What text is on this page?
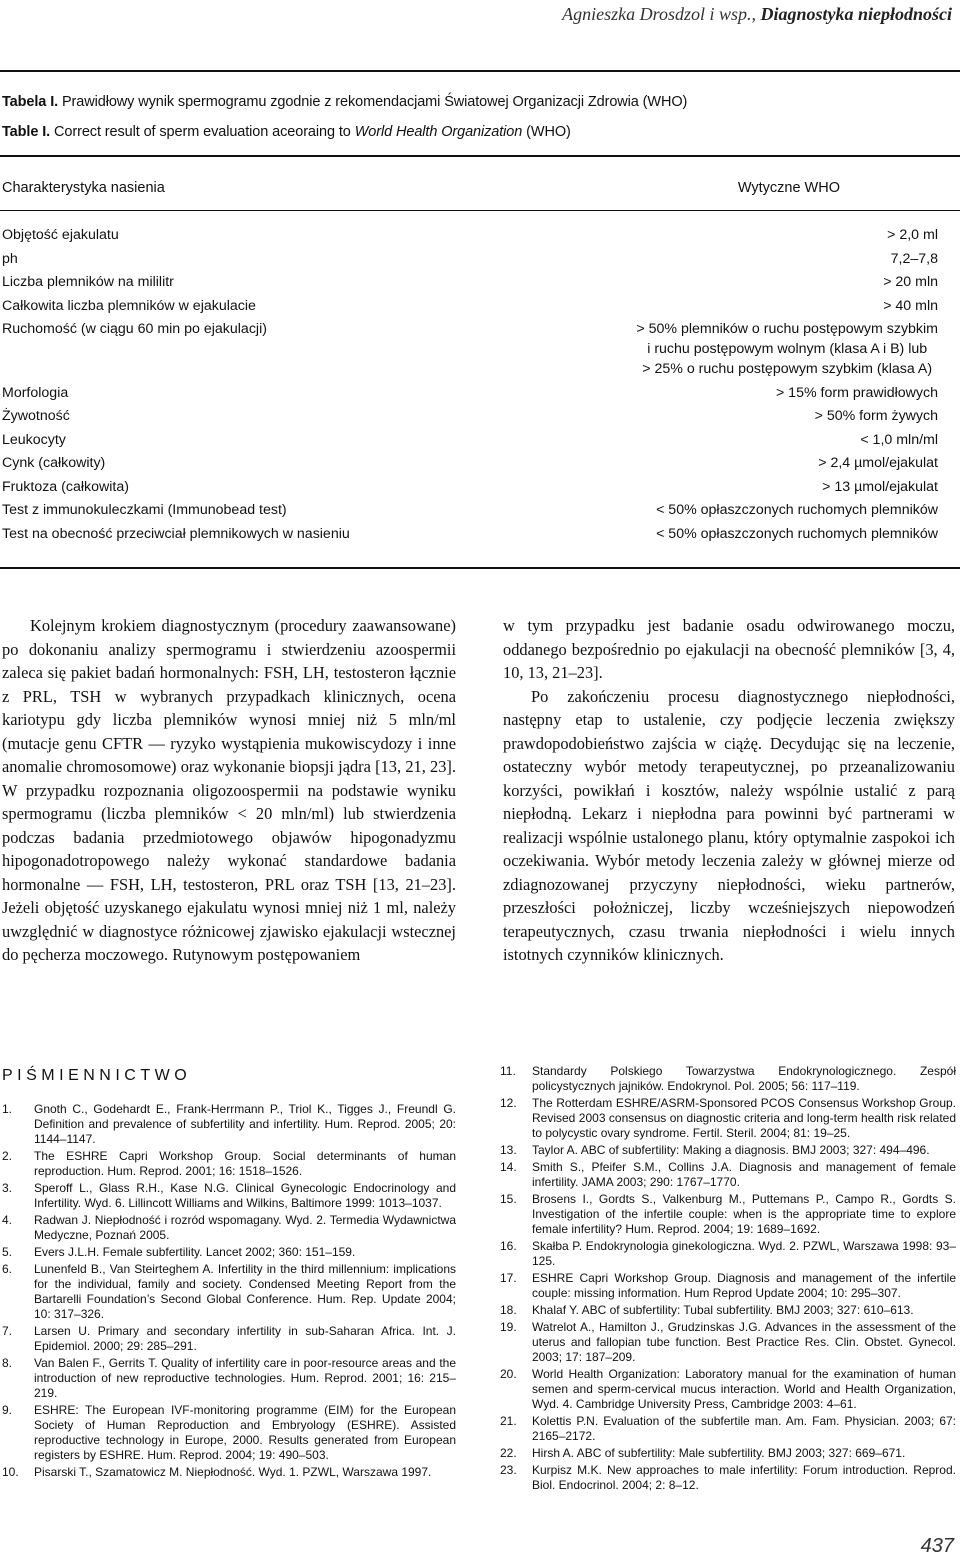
Agnieszka Drosdzol i wsp., Diagnostyka niepłodności
Tabela I. Prawidłowy wynik spermogramu zgodnie z rekomendacjami Światowej Organizacji Zdrowia (WHO)
Table I. Correct result of sperm evaluation aceoraing to World Health Organization (WHO)
Charakterystyka nasienia	Wytyczne WHO
Objętość ejakulatu	> 2,0 ml
ph	7,2–7,8
Liczba plemników na mililitr	> 20 mln
Całkowita liczba plemników w ejakulacie	> 40 mln
Ruchomość (w ciągu 60 min po ejakulacji)	> 50% plemników o ruchu postępowym szybkim
i ruchu postępowym wolnym (klasa A i B) lub
> 25% o ruchu postępowym szybkim (klasa A)
Morfologia	> 15% form prawidłowych
Żywotność	> 50% form żywych
Leukocyty	< 1,0 mln/ml
Cynk (całkowity)	> 2,4 µmol/ejakulat
Fruktoza (całkowita)	> 13 µmol/ejakulat
Test z immunokuleczkami (Immunobead test)	< 50% opłaszczonych ruchomych plemników
Test na obecność przeciwciał plemnikowych w nasieniu	< 50% opłaszczonych ruchomych plemników

Kolejnym krokiem diagnostycznym (procedury zaawansowane) po dokonaniu analizy spermogramu i stwierdzeniu azoospermii zaleca się pakiet badań hormonalnych: FSH, LH, testosteron łącznie z PRL, TSH w wybranych przypadkach klinicznych, ocena kariotypu gdy liczba plemników wynosi mniej niż 5 mln/ml (mutacje genu CFTR — ryzyko wystąpienia mukowiscydozy i inne anomalie chromosomowe) oraz wykonanie biopsji jądra [13, 21, 23]. W przypadku rozpoznania oligozoospermii na podstawie wyniku spermogramu (liczba plemników < 20 mln/ml) lub stwierdzenia podczas badania przedmiotowego objawów hipogonadyzmu hipogonadotropowego należy wykonać standardowe badania hormonalne — FSH, LH, testosteron, PRL oraz TSH [13, 21–23]. Jeżeli objętość uzyskanego ejakulatu wynosi mniej niż 1 ml, należy uwzględnić w diagnostyce różnicowej zjawisko ejakulacji wstecznej do pęcherza moczowego. Rutynowym postępowaniem

w tym przypadku jest badanie osadu odwirowanego moczu, oddanego bezpośrednio po ejakulacji na obecność plemników [3, 4, 10, 13, 21–23].

Po zakończeniu procesu diagnostycznego niepłodności, następny etap to ustalenie, czy podjęcie leczenia zwiększy prawdopodobieństwo zajścia w ciążę. Decydując się na leczenie, ostateczny wybór metody terapeutycznej, po przeanalizowaniu korzyści, powikłań i kosztów, należy wspólnie ustalić z parą niepłodną. Lekarz i niepłodna para powinni być partnerami w realizacji wspólnie ustalonego planu, który optymalnie zaspokoi ich oczekiwania. Wybór metody leczenia zależy w głównej mierze od zdiagnozowanej przyczyny niepłodności, wieku partnerów, przeszłości położniczej, liczby wcześniejszych niepowodzeń terapeutycznych, czasu trwania niepłodności i wielu innych istotnych czynników klinicznych.

PIŚMIENNICTWO
1. Gnoth C., Godehardt E., Frank-Herrmann P., Triol K., Tigges J., Freundl G. Definition and prevalence of subfertility and infertility. Hum. Reprod. 2005; 20: 1144–1147.
2. The ESHRE Capri Workshop Group. Social determinants of human reproduction. Hum. Reprod. 2001; 16: 1518–1526.
3. Speroff L., Glass R.H., Kase N.G. Clinical Gynecologic Endocrinology and Infertility. Wyd. 6. Lillincott Williams and Wilkins, Baltimore 1999: 1013–1037.
4. Radwan J. Niepłodność i rozród wspomagany. Wyd. 2. Termedia Wydawnictwa Medyczne, Poznań 2005.
5. Evers J.L.H. Female subfertility. Lancet 2002; 360: 151–159.
6. Lunenfeld B., Van Steirteghem A. Infertility in the third millennium: implications for the individual, family and society. Condensed Meeting Report from the Bartarelli Foundation’s Second Global Conference. Hum. Rep. Update 2004; 10: 317–326.
7. Larsen U. Primary and secondary infertility in sub-Saharan Africa. Int. J. Epidemiol. 2000; 29: 285–291.
8. Van Balen F., Gerrits T. Quality of infertility care in poor-resource areas and the introduction of new reproductive technologies. Hum. Reprod. 2001; 16: 215–219.
9. ESHRE: The European IVF-monitoring programme (EIM) for the European Society of Human Reproduction and Embryology (ESHRE). Assisted reproductive technology in Europe, 2000. Results generated from European registers by ESHRE. Hum. Reprod. 2004; 19: 490–503.
10. Pisarski T., Szamatowicz M. Niepłodność. Wyd. 1. PZWL, Warszawa 1997.
11. Standardy Polskiego Towarzystwa Endokrynologicznego. Zespół policystycznych jajników. Endokrynol. Pol. 2005; 56: 117–119.
12. The Rotterdam ESHRE/ASRM-Sponsored PCOS Consensus Workshop Group. Revised 2003 consensus on diagnostic criteria and long-term health risk related to polycystic ovary syndrome. Fertil. Steril. 2004; 81: 19–25.
13. Taylor A. ABC of subfertility: Making a diagnosis. BMJ 2003; 327: 494–496.
14. Smith S., Pfeifer S.M., Collins J.A. Diagnosis and management of female infertility. JAMA 2003; 290: 1767–1770.
15. Brosens I., Gordts S., Valkenburg M., Puttemans P., Campo R., Gordts S. Investigation of the infertile couple: when is the appropriate time to explore female infertility? Hum. Reprod. 2004; 19: 1689–1692.
16. Skałba P. Endokrynologia ginekologiczna. Wyd. 2. PZWL, Warszawa 1998: 93–125.
17. ESHRE Capri Workshop Group. Diagnosis and management of the infertile couple: missing information. Hum Reprod Update 2004; 10: 295–307.
18. Khalaf Y. ABC of subfertility: Tubal subfertility. BMJ 2003; 327: 610–613.
19. Watrelot A., Hamilton J., Grudzinskas J.G. Advances in the assessment of the uterus and fallopian tube function. Best Practice Res. Clin. Obstet. Gynecol. 2003; 17: 187–209.
20. World Health Organization: Laboratory manual for the examination of human semen and sperm-cervical mucus interaction. World and Health Organization, Wyd. 4. Cambridge University Press, Cambridge 2003: 4–61.
21. Kolettis P.N. Evaluation of the subfertile man. Am. Fam. Physician. 2003; 67: 2165–2172.
22. Hirsh A. ABC of subfertility: Male subfertility. BMJ 2003; 327: 669–671.
23. Kurpisz M.K. New approaches to male infertility: Forum introduction. Reprod. Biol. Endocrinol. 2004; 2: 8–12.
437
